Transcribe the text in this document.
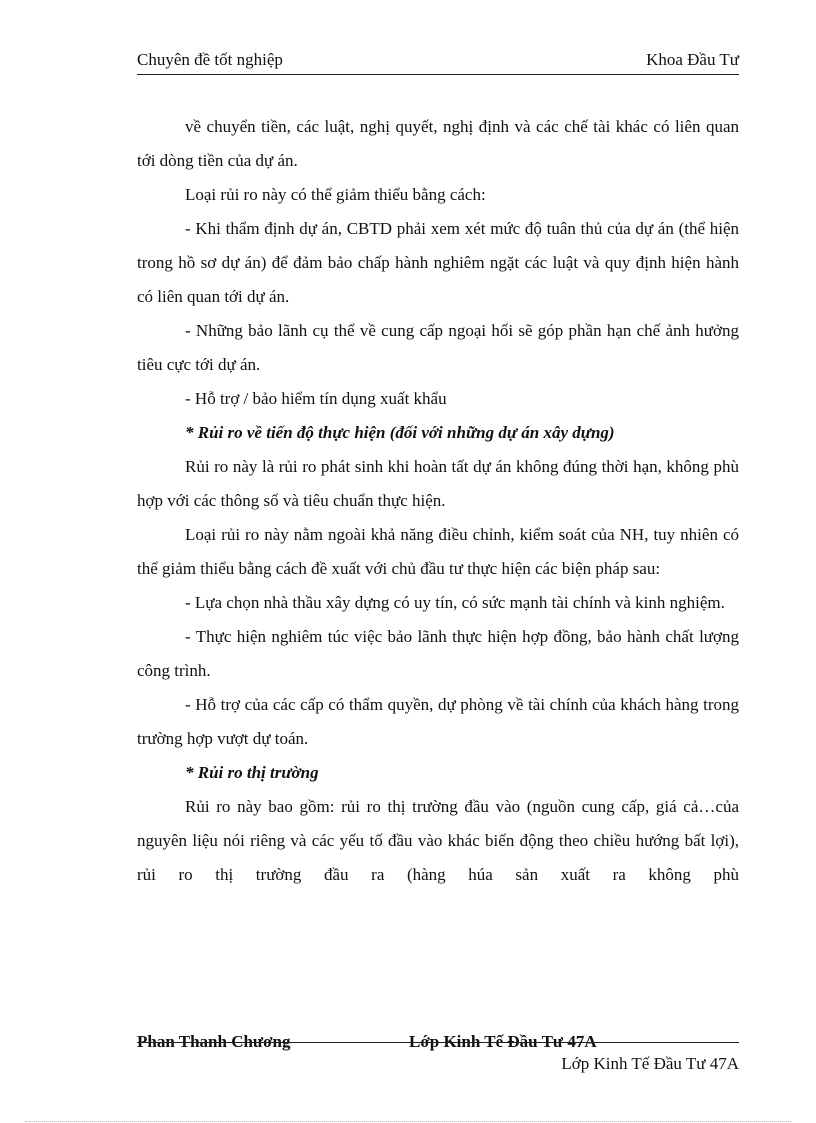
Chuyên đề tốt nghiệp	Khoa Đầu Tư

về chuyển tiền, các luật, nghị quyết, nghị định và các chế tài khác có liên quan tới dòng tiền của dự án.

Loại rủi ro này có thể giảm thiểu bằng cách:

- Khi thẩm định dự án, CBTD phải xem xét mức độ tuân thủ của dự án (thể hiện trong hồ sơ dự án) để đảm bảo chấp hành nghiêm ngặt các luật và quy định hiện hành có liên quan tới dự án.

- Những bảo lãnh cụ thể về cung cấp ngoại hối sẽ góp phần hạn chế ảnh hưởng tiêu cực tới dự án.

- Hỗ trợ / bảo hiểm tín dụng xuất khẩu

* Rủi ro về tiến độ thực hiện (đối với những dự án xây dựng)

Rủi ro này là rủi ro phát sinh khi hoàn tất dự án không đúng thời hạn, không phù hợp với các thông số và tiêu chuẩn thực hiện.

Loại rủi ro này nằm ngoài khả năng điều chỉnh, kiểm soát của NH, tuy nhiên có thể giảm thiểu bằng cách đề xuất với chủ đầu tư thực hiện các biện pháp sau:

- Lựa chọn nhà thầu xây dựng có uy tín, có sức mạnh tài chính và kinh nghiệm.

- Thực hiện nghiêm túc việc bảo lãnh thực hiện hợp đồng, bảo hành chất lượng công trình.

- Hỗ trợ của các cấp có thẩm quyền, dự phòng về tài chính của khách hàng trong trường hợp vượt dự toán.

* Rủi ro thị trường

Rủi ro này bao gồm: rủi ro thị trường đầu vào (nguồn cung cấp, giá cả…của nguyên liệu nói riêng và các yếu tố đầu vào khác biến động theo chiều hướng bất lợi), rủi ro thị trường đầu ra (hàng húa sản xuất ra không phù

Phan Thanh Chương	Lớp Kinh Tế Đầu Tư 47A
Lớp Kinh Tế Đầu Tư 47A
